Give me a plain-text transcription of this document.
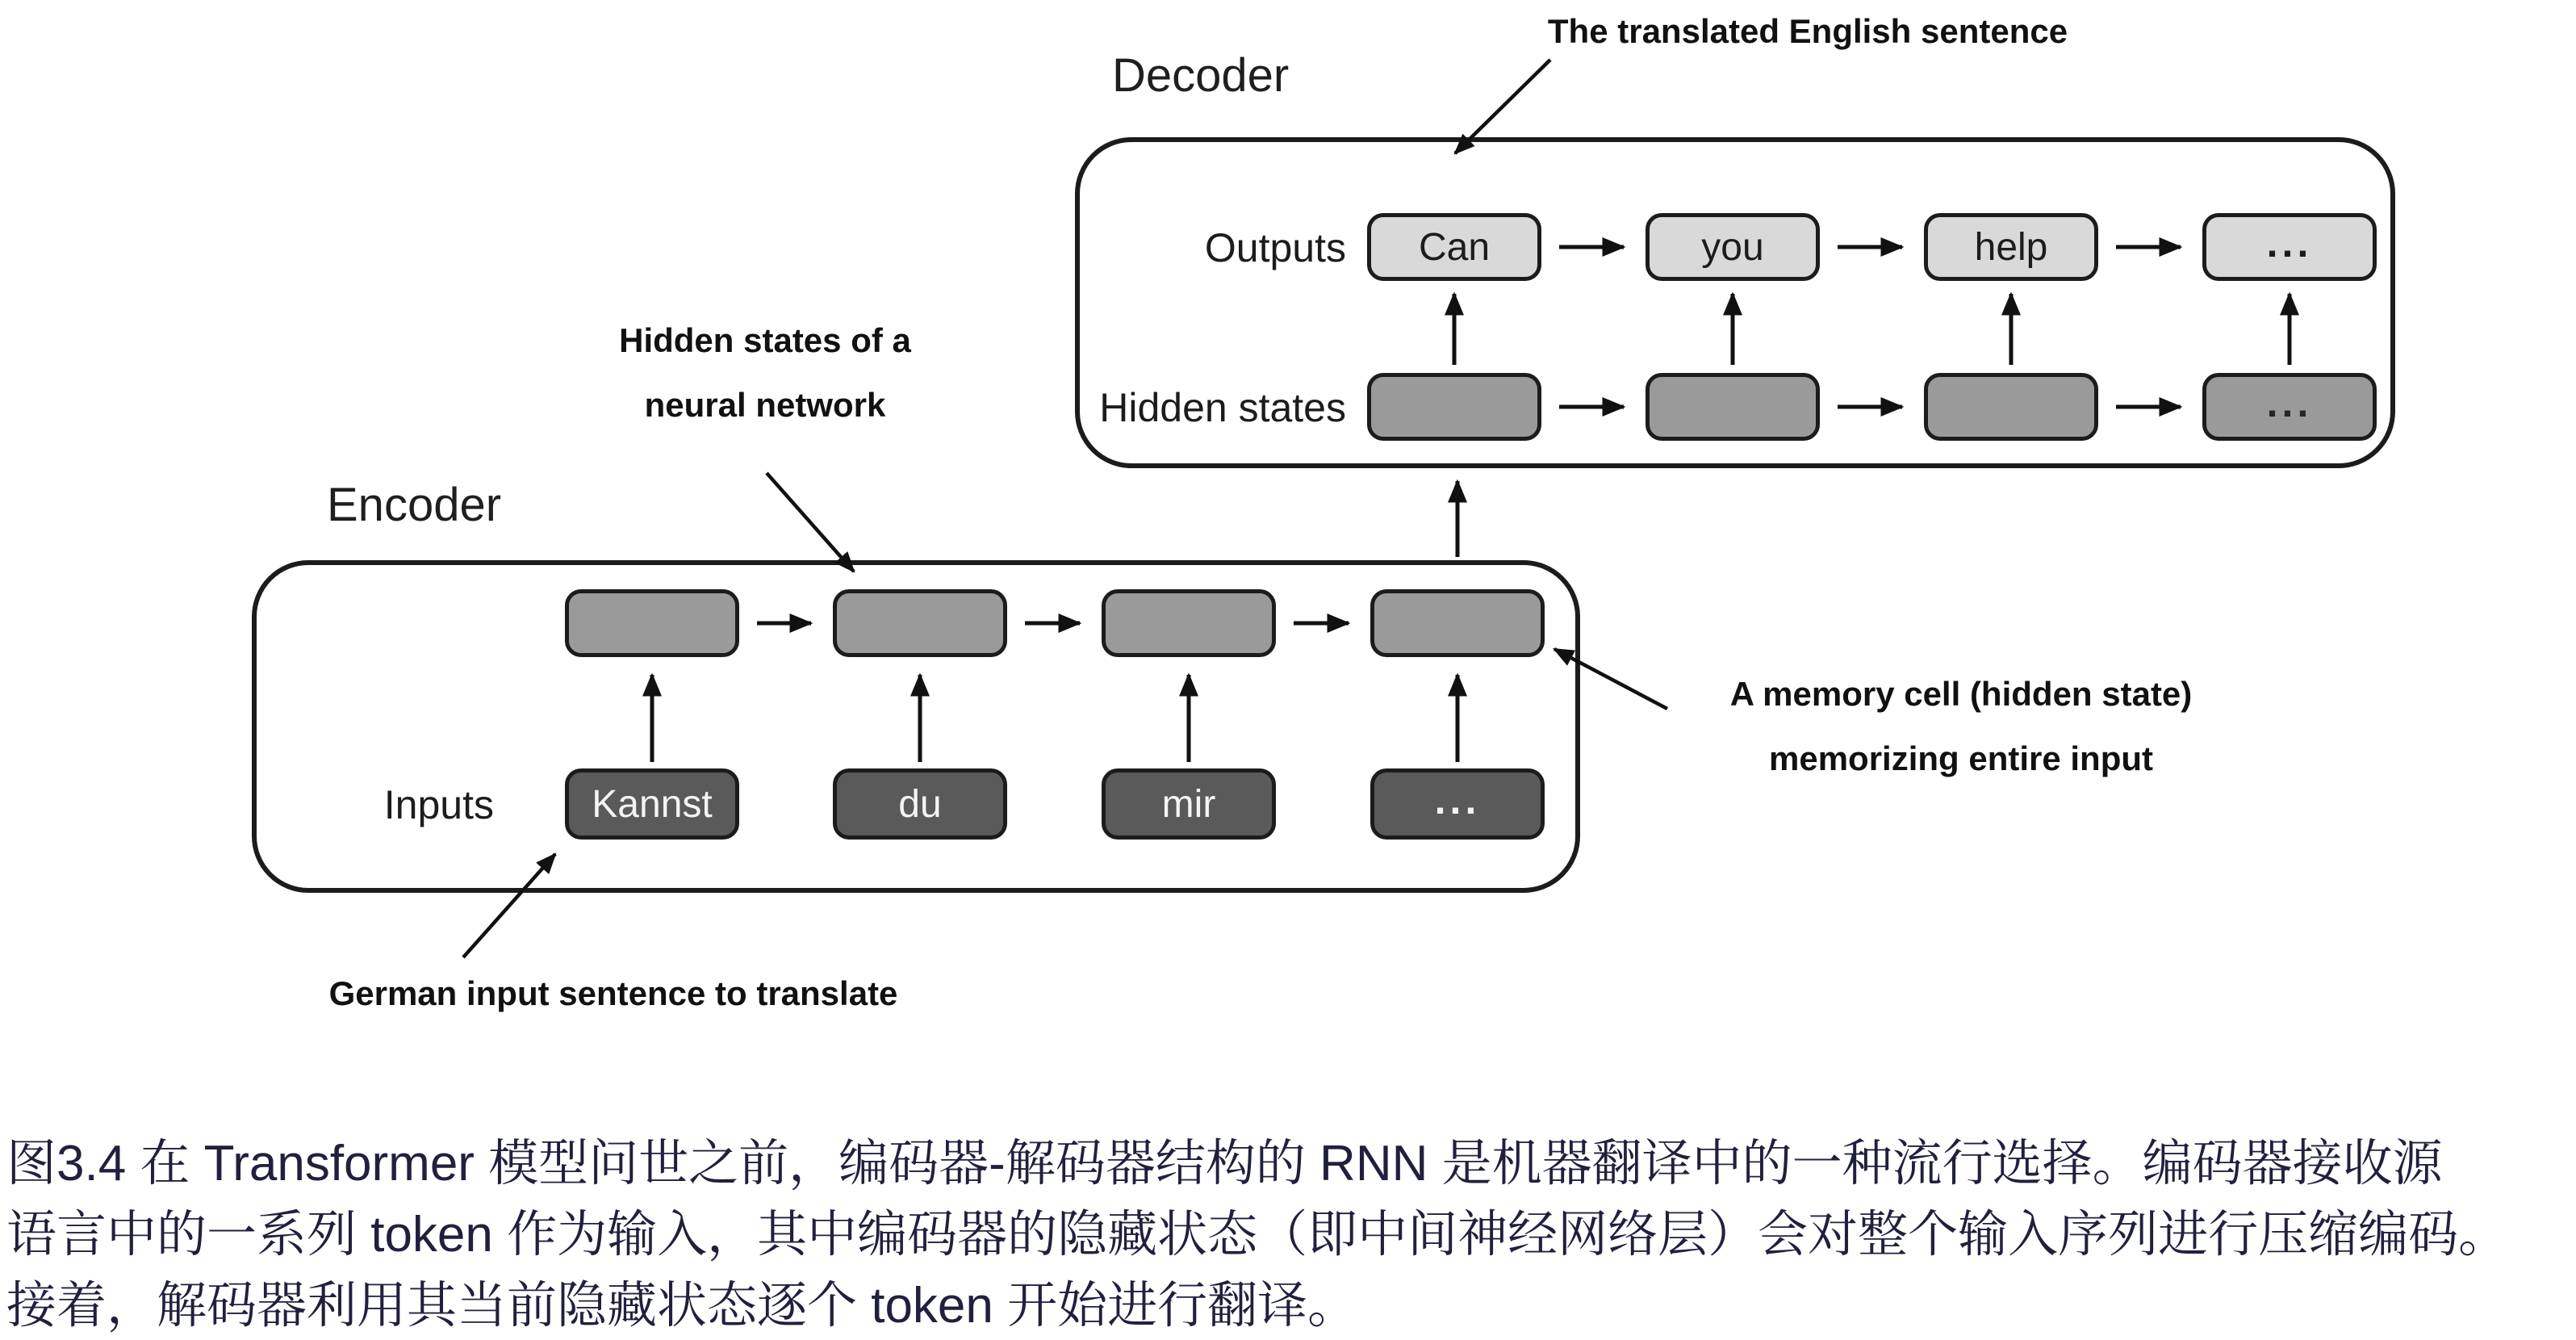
Decoder
Outputs Can	you	help	...
Hidden states	...
Encoder
Inputs	Kannst	du	mir	...
The translated English sentence
Hidden states of a
neural network
A memory cell (hidden state)
memorizing entire input
German input sentence to translate
图3.4 在 Transformer 模型问世之前，编码器-解码器结构的 RNN 是机器翻译中的一种流行选择。编码器接收源
语言中的一系列 token 作为输入，其中编码器的隐藏状态（即中间神经网络层）会对整个输入序列进行压缩编码。
接着，解码器利用其当前隐藏状态逐个 token 开始进行翻译。
